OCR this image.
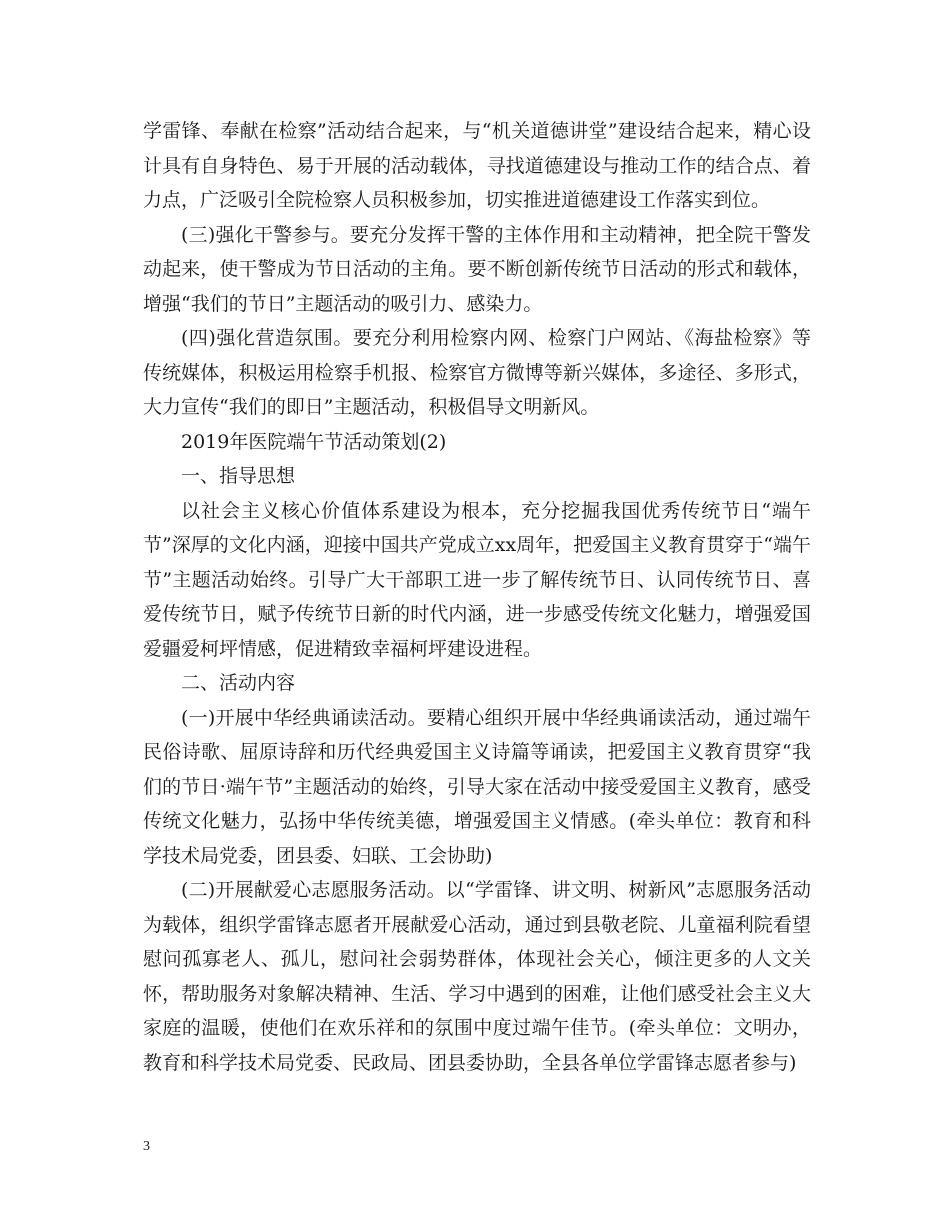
学雷锋、奉献在检察”活动结合起来，与“机关道德讲堂”建设结合起来，精心设计具有自身特色、易于开展的活动载体，寻找道德建设与推动工作的结合点、着力点，广泛吸引全院检察人员积极参加，切实推进道德建设工作落实到位。

(三)强化干警参与。要充分发挥干警的主体作用和主动精神，把全院干警发动起来，使干警成为节日活动的主角。要不断创新传统节日活动的形式和载体，增强“我们的节日”主题活动的吸引力、感染力。

(四)强化营造氛围。要充分利用检察内网、检察门户网站、《海盐检察》等传统媒体，积极运用检察手机报、检察官方微博等新兴媒体，多途径、多形式，大力宣传“我们的即日”主题活动，积极倡导文明新风。

2019年医院端午节活动策划(2)

一、指导思想

以社会主义核心价值体系建设为根本，充分挖掘我国优秀传统节日“端午节”深厚的文化内涵，迎接中国共产党成立xx周年，把爱国主义教育贯穿于“端午节”主题活动始终。引导广大干部职工进一步了解传统节日、认同传统节日、喜爱传统节日，赋予传统节日新的时代内涵，进一步感受传统文化魅力，增强爱国爱疆爱柯坪情感，促进精致幸福柯坪建设进程。

二、活动内容

(一)开展中华经典诵读活动。要精心组织开展中华经典诵读活动，通过端午民俗诗歌、屈原诗辞和历代经典爱国主义诗篇等诵读，把爱国主义教育贯穿“我们的节日·端午节”主题活动的始终，引导大家在活动中接受爱国主义教育，感受传统文化魅力，弘扬中华传统美德，增强爱国主义情感。(牵头单位：教育和科学技术局党委，团县委、妇联、工会协助)

(二)开展献爱心志愿服务活动。以“学雷锋、讲文明、树新风”志愿服务活动为载体，组织学雷锋志愿者开展献爱心活动，通过到县敬老院、儿童福利院看望慰问孤寡老人、孤儿，慰问社会弱势群体，体现社会关心，倾注更多的人文关怀，帮助服务对象解决精神、生活、学习中遇到的困难，让他们感受社会主义大家庭的温暖，使他们在欢乐祥和的氛围中度过端午佳节。(牵头单位：文明办，教育和科学技术局党委、民政局、团县委协助，全县各单位学雷锋志愿者参与)

3
